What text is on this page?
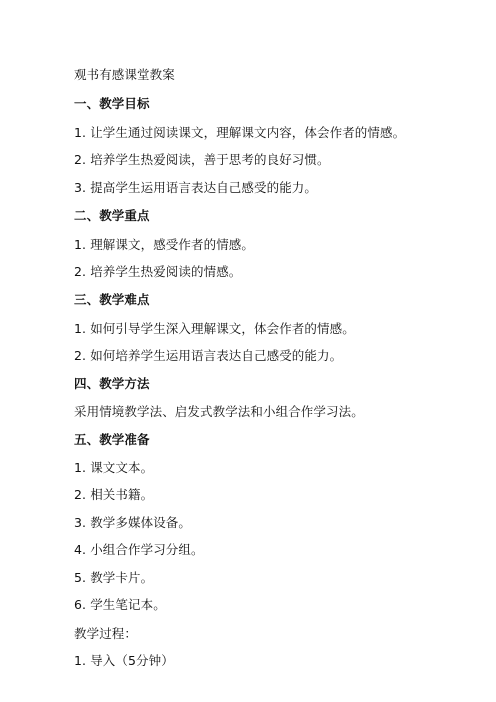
观书有感课堂教案
一、教学目标
1. 让学生通过阅读课文，理解课文内容，体会作者的情感。
2. 培养学生热爱阅读，善于思考的良好习惯。
3. 提高学生运用语言表达自己感受的能力。
二、教学重点
1. 理解课文，感受作者的情感。
2. 培养学生热爱阅读的情感。
三、教学难点
1. 如何引导学生深入理解课文，体会作者的情感。
2. 如何培养学生运用语言表达自己感受的能力。
四、教学方法
采用情境教学法、启发式教学法和小组合作学习法。
五、教学准备
1. 课文文本。
2. 相关书籍。
3. 教学多媒体设备。
4. 小组合作学习分组。
5. 教学卡片。
6. 学生笔记本。
教学过程：
1. 导入（5分钟）
